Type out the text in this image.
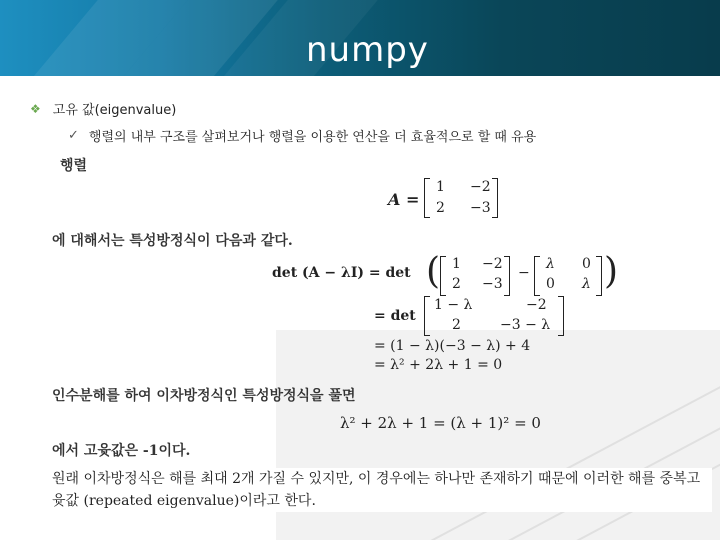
numpy
❖ 고유 값(eigenvalue)
✓ 행렬의 내부 구조를 살펴보거나 행렬을 이용한 연산을 더 효율적으로 할 때 유용
행렬
A =
1 −2
2 −3
에 대해서는 특성방정식이 다음과 같다.
det (A − λI) = det ( 1 −2
2 −3
−
λ 0
0 λ )
= det
1 − λ	−2
2	−3 − λ
= (1 − λ)(−3 − λ) + 4
= λ² + 2λ + 1 = 0
인수분해를 하여 이차방정식인 특성방정식을 풀면
λ² + 2λ + 1 = (λ + 1)² = 0
에서 고윳값은 -1이다.
원래 이차방정식은 해를 최대 2개 가질 수 있지만, 이 경우에는 하나만 존재하기 때문에 이러한 해를 중복고윳값 (repeated eigenvalue)이라고 한다.
